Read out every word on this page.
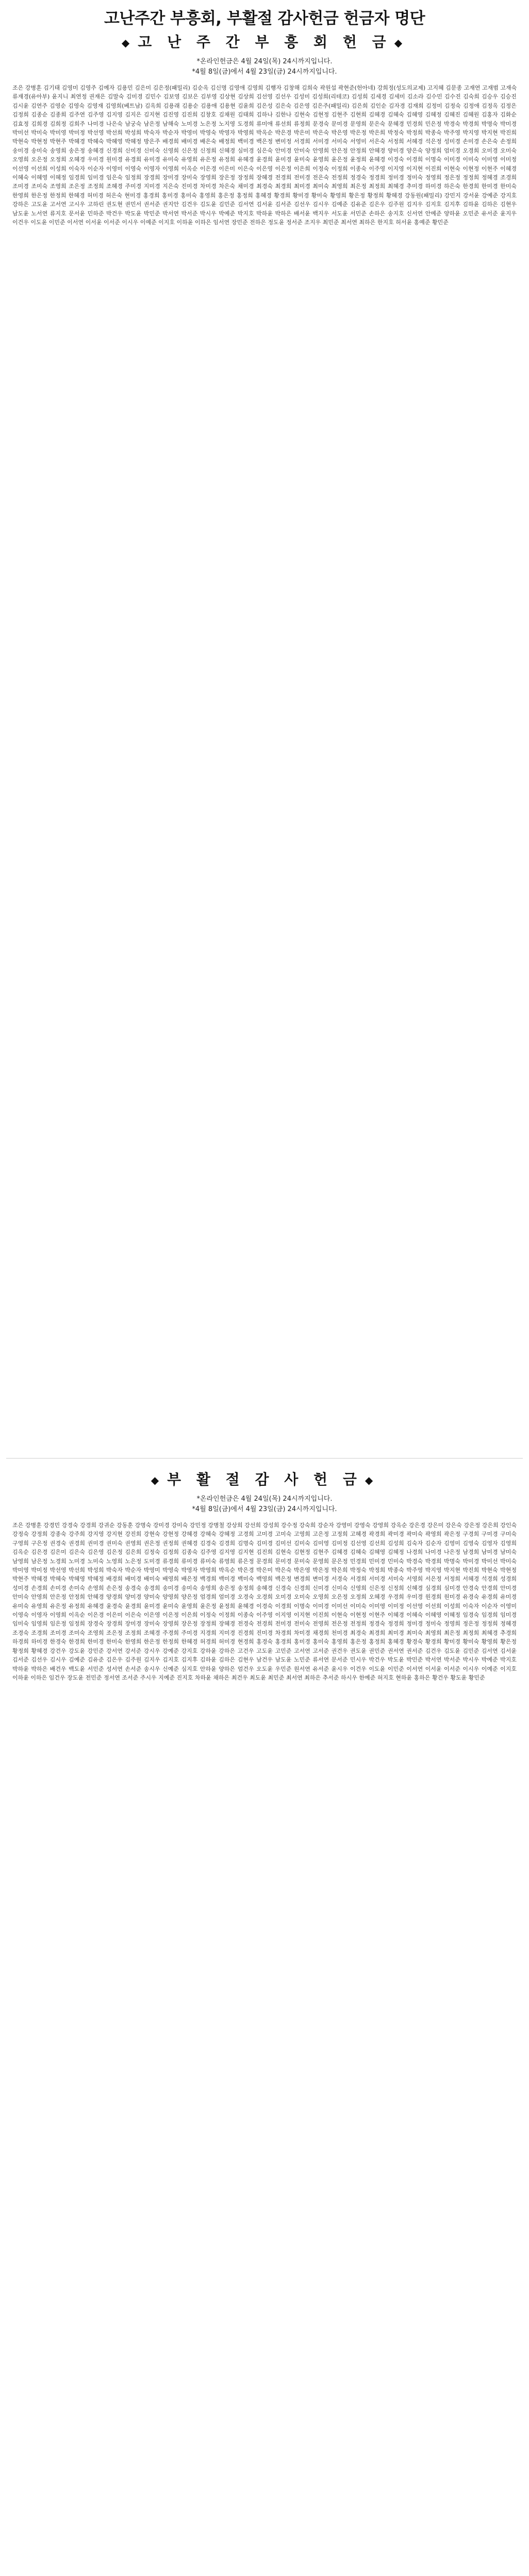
고난주간 부흥회, 부활절 감사헌금 헌금자 명단
◆ 고 난 주 간 부 흥 회 헌 금 ◆
*온라인헌금은 4월 24일(목) 24시까지입니다.
*4월 8일(금)에서 4월 23일(금) 24시까지입니다.
조은 강병훈 김기태 김영미 김영주 김예자 김용민 김은미 김은정(패밀리) 김순옥 김신명 김영애 김영희 김행자 김창해 김희숙 곽원섭 곽현준(헌아네) 강희정(성도의교제) 고지혜 김문종 고재연 고재범 고재숙 류재경(유아부) 윤지니 최연정 권재은 김말숙 김미경 김민수 김보영 김보은 김부영 김상현 김상희 김선영 김선우 김성미 김성희(리테코) 김성희 김세경 김세미 김소라 김수민 김수진 김숙희 김승우 김승진 김시윤 김연주 김영순 김영숙 김영재 김영희(베트남) 김옥희 김용래 김용순 김용애 김용현 김윤희 김은성 김은숙 김은영 김은주(패밀리) 김은희 김인순 김자경 김재희 김정미 김정숙 김정애 김정옥 김정은 김정희 김종순 김종희 김주연 김주영 김지영 김지은 김지현 김진영 김진희 김창호 김채원 김태희 김하나 김한나 김현숙 김현정 김현주 김현희 김혜경 김혜숙 김혜영 김혜정 김혜진 김혜원 김홍자 김화순 김효정 김희경 김희정 김희주 나미경 나은숙 남궁숙 남은정 남해숙 노미경 노은정 노지영 도경희 류미애 류선희 류정희 문경숙 문미경 문영희 문은숙 문혜경 민경희 민은정 박경숙 박경희 박명숙 박미경 박미선 박미숙 박미영 박미정 박선영 박선희 박성희 박숙자 박순자 박영미 박영숙 박영자 박영희 박옥순 박은경 박은미 박은숙 박은영 박은정 박은희 박정숙 박정희 박종숙 박주영 박지영 박지현 박진희 박현숙 박현정 박현주 박혜경 박혜숙 박혜영 박혜정 방은주 배경희 배미경 배은숙 배정희 백미경 백은정 변미정 서경희 서미경 서미숙 서영미 서은숙 서정희 서혜경 석은정 성미경 손미경 손은숙 손정희 송미경 송미숙 송영희 송은정 송혜경 신경희 신미경 신미숙 신영희 신은정 신정희 신혜경 심미경 심은숙 안미경 안미숙 안영희 안은정 안정희 안혜경 양미경 양은숙 양정희 엄미경 오경희 오미경 오미숙 오영희 오은정 오정희 오혜경 우미경 원미경 유경희 유미경 유미숙 유영희 유은정 유정희 유혜경 윤경희 윤미경 윤미숙 윤영희 윤은정 윤정희 윤혜경 이경숙 이경희 이명숙 이미경 이미숙 이미영 이미정 이선영 이선희 이성희 이숙자 이순자 이영미 이영숙 이영자 이영희 이옥순 이은경 이은미 이은숙 이은영 이은정 이은희 이정숙 이정희 이종숙 이주영 이지영 이지현 이진희 이현숙 이현정 이현주 이혜경 이혜숙 이혜영 이혜정 임경희 임미경 임은숙 임정희 장경희 장미경 장미숙 장영희 장은정 장정희 장혜경 전경희 전미경 전은숙 전정희 정경숙 정경희 정미경 정미숙 정영희 정은정 정정희 정혜경 조경희 조미경 조미숙 조영희 조은정 조정희 조혜경 주미경 지미경 지은숙 진미경 차미경 차은숙 채미경 최경숙 최경희 최미경 최미숙 최영희 최은정 최정희 최혜경 추미경 하미경 하은숙 한경희 한미경 한미숙 한영희 한은정 한정희 한혜경 허미경 허은숙 현미경 홍경희 홍미경 홍미숙 홍영희 홍은정 홍정희 홍혜경 황경희 황미경 황미숙 황영희 황은정 황정희 황혜경 강동원(패밀리) 강민지 강서윤 강예준 강지호 강하은 고도윤 고서연 고시우 고하린 권도현 권민서 권서준 권지안 김건우 김도윤 김민준 김서연 김서윤 김서준 김선우 김시우 김예준 김유준 김은우 김주원 김지우 김지호 김지후 김하윤 김하은 김현우 남도윤 노서연 류지호 문서윤 민하준 박건우 박도윤 박민준 박서연 박서준 박시우 박예준 박지호 박하윤 박하은 배서윤 백지우 서도윤 서민준 손하은 송지호 신서연 안예준 양하윤 오민준 유서준 윤지우 이건우 이도윤 이민준 이서연 이서윤 이서준 이시우 이예준 이지호 이하윤 이하은 임서연 장민준 전하은 정도윤 정서준 조지우 최민준 최서연 최하은 한지호 허서윤 홍예준 황민준
◆ 부 활 절 감 사 헌 금 ◆
*온라인헌금은 4월 24일(목) 24시까지입니다.
*4월 8일(금)에서 4월 23일(금) 24시까지입니다.
조은 강병훈 강경민 강경숙 강경희 강귀순 강동훈 강명숙 강미경 강미숙 강민정 강병철 강상희 강선희 강성희 강수정 강숙희 강순자 강영미 강영숙 강영희 강옥순 강은경 강은미 강은숙 강은정 강은희 강인숙 강정숙 강정희 강종숙 강주희 강지영 강지현 강진희 강현숙 강현정 강혜경 강혜숙 강혜정 고경희 고미경 고미숙 고영희 고은정 고정희 고혜경 곽경희 곽미경 곽미숙 곽영희 곽은정 구경희 구미경 구미숙 구영희 구은정 권경숙 권경희 권미경 권미숙 권영희 권은정 권정희 권혜경 김경숙 김경희 김명숙 김미경 김미선 김미숙 김미영 김미정 김선영 김선희 김성희 김숙자 김순자 김영미 김영숙 김영자 김영희 김옥순 김은경 김은미 김은숙 김은영 김은정 김은희 김정숙 김정희 김종숙 김주영 김지영 김지현 김진희 김현숙 김현정 김현주 김혜경 김혜숙 김혜영 김혜정 나경희 나미경 나은정 남경희 남미경 남미숙 남영희 남은정 노경희 노미경 노미숙 노영희 노은정 도미경 류경희 류미경 류미숙 류영희 류은정 문경희 문미경 문미숙 문영희 문은정 민경희 민미경 민미숙 박경숙 박경희 박명숙 박미경 박미선 박미숙 박미영 박미정 박선영 박선희 박성희 박숙자 박순자 박영미 박영숙 박영자 박영희 박옥순 박은경 박은미 박은숙 박은영 박은정 박은희 박정숙 박정희 박종숙 박주영 박지영 박지현 박진희 박현숙 박현정 박현주 박혜경 박혜숙 박혜영 박혜정 배경희 배미경 배미숙 배영희 배은정 백경희 백미경 백미숙 백영희 백은정 변경희 변미경 서경숙 서경희 서미경 서미숙 서영희 서은정 서정희 서혜경 석경희 성경희 성미경 손경희 손미경 손미숙 손영희 손은정 송경숙 송경희 송미경 송미숙 송영희 송은정 송정희 송혜경 신경숙 신경희 신미경 신미숙 신영희 신은정 신정희 신혜경 심경희 심미경 안경숙 안경희 안미경 안미숙 안영희 안은정 안정희 안혜경 양경희 양미경 양미숙 양영희 양은정 엄경희 엄미경 오경숙 오경희 오미경 오미숙 오영희 오은정 오정희 오혜경 우경희 우미경 원경희 원미경 유경숙 유경희 유미경 유미숙 유영희 유은정 유정희 유혜경 윤경숙 윤경희 윤미경 윤미숙 윤영희 윤은정 윤정희 윤혜경 이경숙 이경희 이명숙 이미경 이미선 이미숙 이미영 이미정 이선영 이선희 이성희 이숙자 이순자 이영미 이영숙 이영자 이영희 이옥순 이은경 이은미 이은숙 이은영 이은정 이은희 이정숙 이정희 이종숙 이주영 이지영 이지현 이진희 이현숙 이현정 이현주 이혜경 이혜숙 이혜영 이혜정 임경숙 임경희 임미경 임미숙 임영희 임은정 임정희 장경숙 장경희 장미경 장미숙 장영희 장은정 장정희 장혜경 전경숙 전경희 전미경 전미숙 전영희 전은정 전정희 정경숙 정경희 정미경 정미숙 정영희 정은정 정정희 정혜경 조경숙 조경희 조미경 조미숙 조영희 조은정 조정희 조혜경 주경희 주미경 지경희 지미경 진경희 진미경 차경희 차미경 채경희 천미경 최경숙 최경희 최미경 최미숙 최영희 최은정 최정희 최혜경 추경희 하경희 하미경 한경숙 한경희 한미경 한미숙 한영희 한은정 한정희 한혜경 허경희 허미경 현경희 홍경숙 홍경희 홍미경 홍미숙 홍영희 홍은정 홍정희 홍혜경 황경숙 황경희 황미경 황미숙 황영희 황은정 황정희 황혜경 강건우 강도윤 강민준 강서연 강서준 강시우 강예준 강지호 강하윤 강하은 고건우 고도윤 고민준 고서연 고서준 권건우 권도윤 권민준 권서연 권서준 김건우 김도윤 김민준 김서연 김서윤 김서준 김선우 김시우 김예준 김유준 김은우 김주원 김지우 김지호 김지후 김하윤 김하은 김현우 남건우 남도윤 노민준 류서연 문서준 민시우 박건우 박도윤 박민준 박서연 박서준 박시우 박예준 박지호 박하윤 박하은 배건우 백도윤 서민준 성서연 손서준 송시우 신예준 심지호 안하윤 양하은 엄건우 오도윤 우민준 원서연 유서준 윤시우 이건우 이도윤 이민준 이서연 이서윤 이서준 이시우 이예준 이지호 이하윤 이하은 임건우 장도윤 전민준 정서연 조서준 주시우 지예준 진지호 차하윤 채하은 최건우 최도윤 최민준 최서연 최하은 추서준 하시우 한예준 허지호 현하윤 홍하은 황건우 황도윤 황민준
